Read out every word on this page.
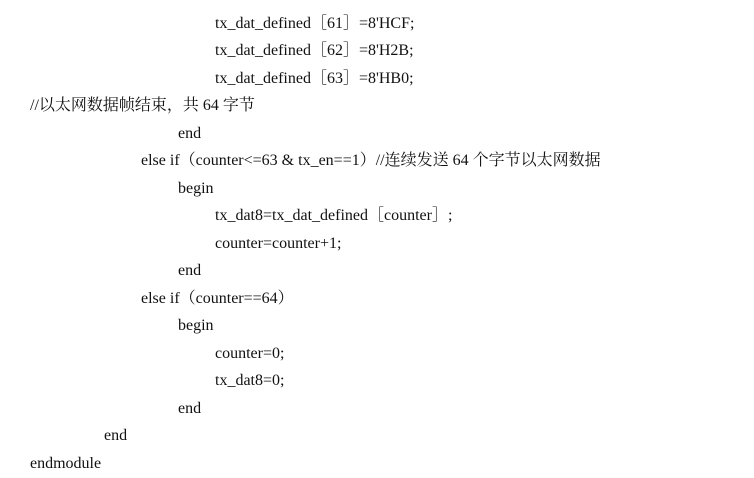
tx_dat_defined［61］=8'HCF;
tx_dat_defined［62］=8'H2B;
tx_dat_defined［63］=8'HB0;
//以太网数据帧结束，共 64 字节
end
else if（counter<=63 & tx_en==1）//连续发送 64 个字节以太网数据
begin
tx_dat8=tx_dat_defined［counter］;
counter=counter+1;
end
else if（counter==64）
begin
counter=0;
tx_dat8=0;
end
end
endmodule
